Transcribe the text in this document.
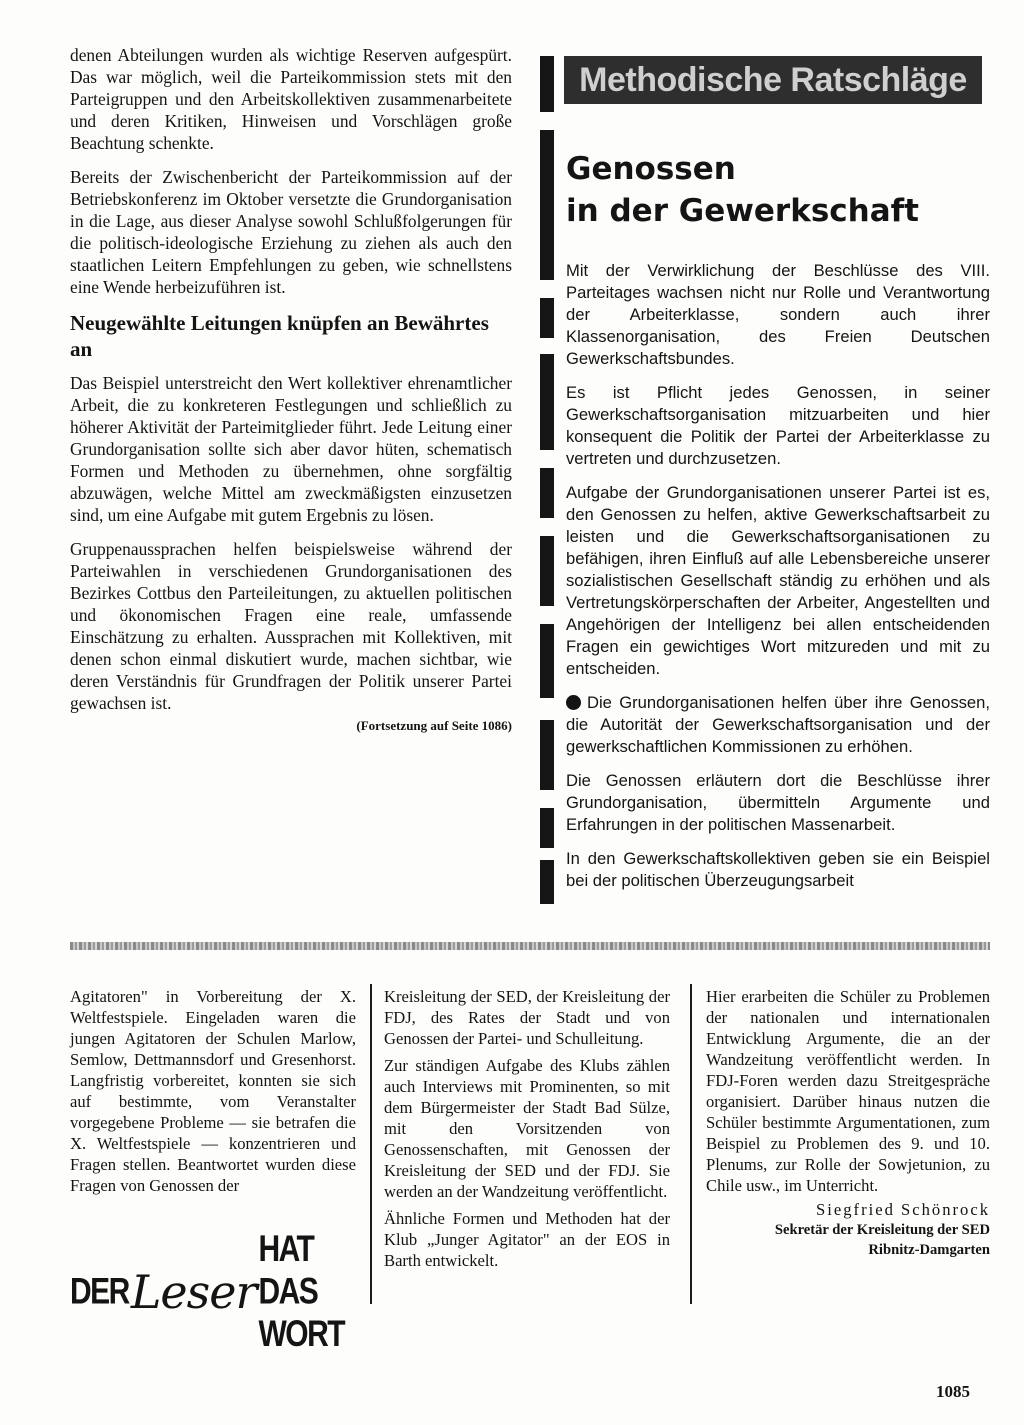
denen Abteilungen wurden als wichtige Reserven aufgespürt. Das war möglich, weil die Parteikommission stets mit den Parteigruppen und den Arbeitskollektiven zusammenarbeitete und deren Kritiken, Hinweisen und Vorschlägen große Beachtung schenkte.

Bereits der Zwischenbericht der Parteikommission auf der Betriebskonferenz im Oktober versetzte die Grundorganisation in die Lage, aus dieser Analyse sowohl Schlußfolgerungen für die politisch-ideologische Erziehung zu ziehen als auch den staatlichen Leitern Empfehlungen zu geben, wie schnellstens eine Wende herbeizuführen ist.

Neugewählte Leitungen knüpfen an Bewährtes an

Das Beispiel unterstreicht den Wert kollektiver ehrenamtlicher Arbeit, die zu konkreteren Festlegungen und schließlich zu höherer Aktivität der Parteimitglieder führt. Jede Leitung einer Grundorganisation sollte sich aber davor hüten, schematisch Formen und Methoden zu übernehmen, ohne sorgfältig abzuwägen, welche Mittel am zweckmäßigsten einzusetzen sind, um eine Aufgabe mit gutem Ergebnis zu lösen.

Gruppenaussprachen helfen beispielsweise während der Parteiwahlen in verschiedenen Grundorganisationen des Bezirkes Cottbus den Parteileitungen, zu aktuellen politischen und ökonomischen Fragen eine reale, umfassende Einschätzung zu erhalten. Aussprachen mit Kollektiven, mit denen schon einmal diskutiert wurde, machen sichtbar, wie deren Verständnis für Grundfragen der Politik unserer Partei gewachsen ist.

(Fortsetzung auf Seite 1086)
Methodische Ratschläge
Genossen
in der Gewerkschaft

Mit der Verwirklichung der Beschlüsse des VIII. Parteitages wachsen nicht nur Rolle und Verantwortung der Arbeiterklasse, sondern auch ihrer Klassenorganisation, des Freien Deutschen Gewerkschaftsbundes.

Es ist Pflicht jedes Genossen, in seiner Gewerkschaftsorganisation mitzuarbeiten und hier konsequent die Politik der Partei der Arbeiterklasse zu vertreten und durchzusetzen.

Aufgabe der Grundorganisationen unserer Partei ist es, den Genossen zu helfen, aktive Gewerkschaftsarbeit zu leisten und die Gewerkschaftsorganisationen zu befähigen, ihren Einfluß auf alle Lebensbereiche unserer sozialistischen Gesellschaft ständig zu erhöhen und als Vertretungskörperschaften der Arbeiter, Angestellten und Angehörigen der Intelligenz bei allen entscheidenden Fragen ein gewichtiges Wort mitzureden und mit zu entscheiden.

Die Grundorganisationen helfen über ihre Genossen, die Autorität der Gewerkschaftsorganisation und der gewerkschaftlichen Kommissionen zu erhöhen.

Die Genossen erläutern dort die Beschlüsse ihrer Grundorganisation, übermitteln Argumente und Erfahrungen in der politischen Massenarbeit.

In den Gewerkschaftskollektiven geben sie ein Beispiel bei der politischen Überzeugungsarbeit

Agitatoren" in Vorbereitung der X. Weltfestspiele. Eingeladen waren die jungen Agitatoren der Schulen Marlow, Semlow, Dettmannsdorf und Gresenhorst. Langfristig vorbereitet, konnten sie sich auf bestimmte, vom Veranstalter vorgegebene Probleme — sie betrafen die X. Weltfestspiele — konzentrieren und Fragen stellen. Beantwortet wurden diese Fragen von Genossen der

Kreisleitung der SED, der Kreisleitung der FDJ, des Rates der Stadt und von Genossen der Partei- und Schulleitung.

Zur ständigen Aufgabe des Klubs zählen auch Interviews mit Prominenten, so mit dem Bürgermeister der Stadt Bad Sülze, mit den Vorsitzenden von Genossenschaften, mit Genossen der Kreisleitung der SED und der FDJ. Sie werden an der Wandzeitung veröffentlicht.

Ähnliche Formen und Methoden hat der Klub „Junger Agitator" an der EOS in Barth entwickelt.

Hier erarbeiten die Schüler zu Problemen der nationalen und internationalen Entwicklung Argumente, die an der Wandzeitung veröffentlicht werden. In FDJ-Foren werden dazu Streitgespräche organisiert. Darüber hinaus nutzen die Schüler bestimmte Argumentationen, zum Beispiel zu Problemen des 9. und 10. Plenums, zur Rolle der Sowjetunion, zu Chile usw., im Unterricht.

Siegfried Schönrock

Sekretär der Kreisleitung der SED

Ribnitz-Damgarten

DER Leser
HAT DAS WORT
1085
